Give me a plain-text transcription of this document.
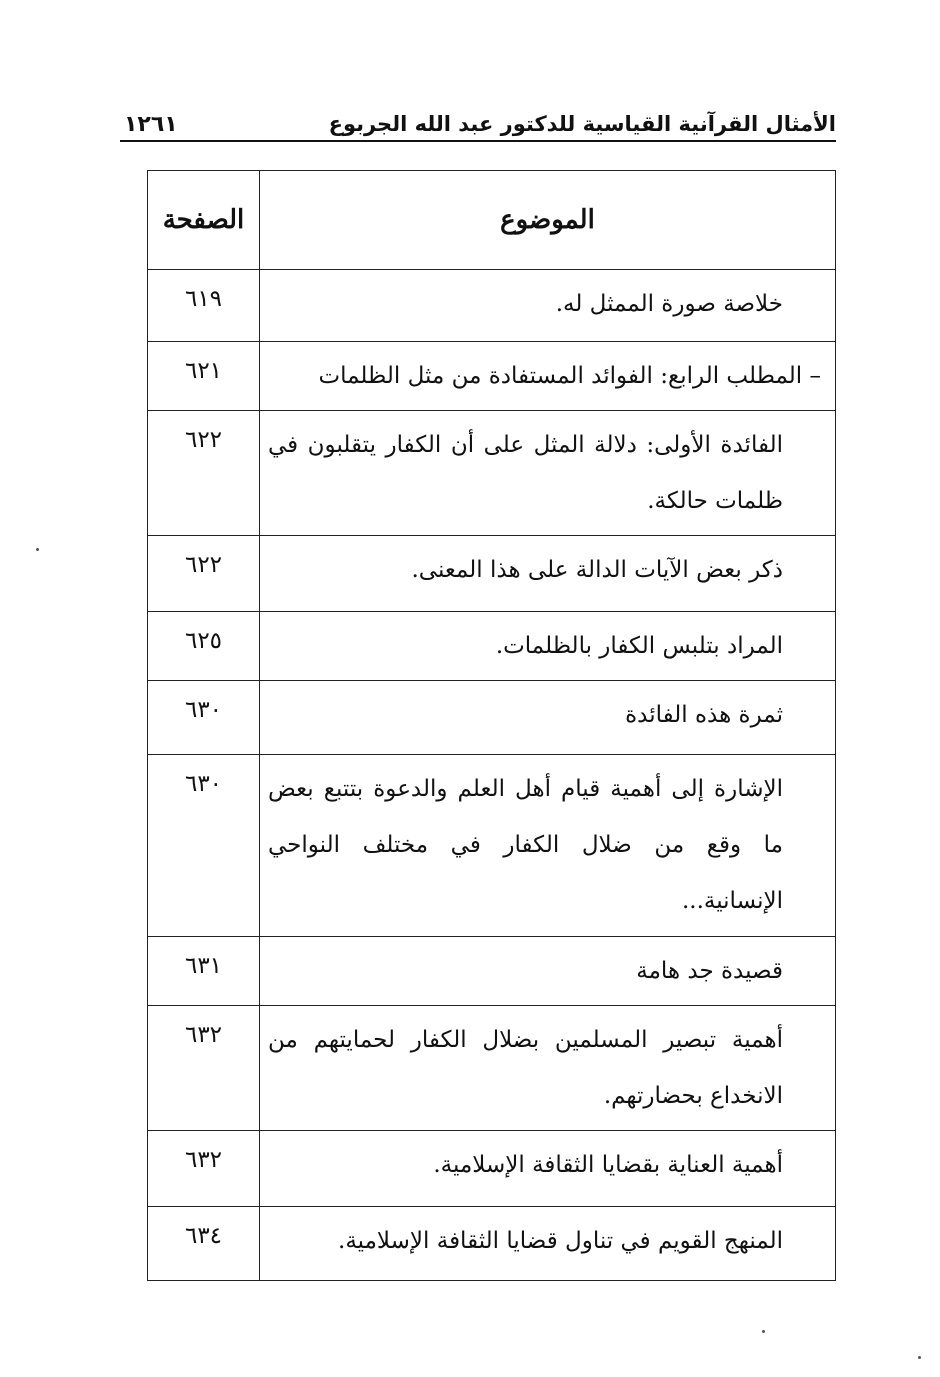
الأمثال القرآنية القياسية للدكتور عبد الله الجربوع
١٢٦١
الموضوع	الصفحة
خلاصة صورة الممثل له.	٦١٩
– المطلب الرابع: الفوائد المستفادة من مثل الظلمات	٦٢١
الفائدة الأولى: دلالة المثل على أن الكفار يتقلبون في ظلمات حالكة.	٦٢٢
ذكر بعض الآيات الدالة على هذا المعنى.	٦٢٢
المراد بتلبس الكفار بالظلمات.	٦٢٥
ثمرة هذه الفائدة	٦٣٠
الإشارة إلى أهمية قيام أهل العلم والدعوة بتتبع بعض ما وقع من ضلال الكفار في مختلف النواحي الإنسانية...	٦٣٠
قصيدة جد هامة	٦٣١
أهمية تبصير المسلمين بضلال الكفار لحمايتهم من الانخداع بحضارتهم.	٦٣٢
أهمية العناية بقضايا الثقافة الإسلامية.	٦٣٢
المنهج القويم في تناول قضايا الثقافة الإسلامية.	٦٣٤
